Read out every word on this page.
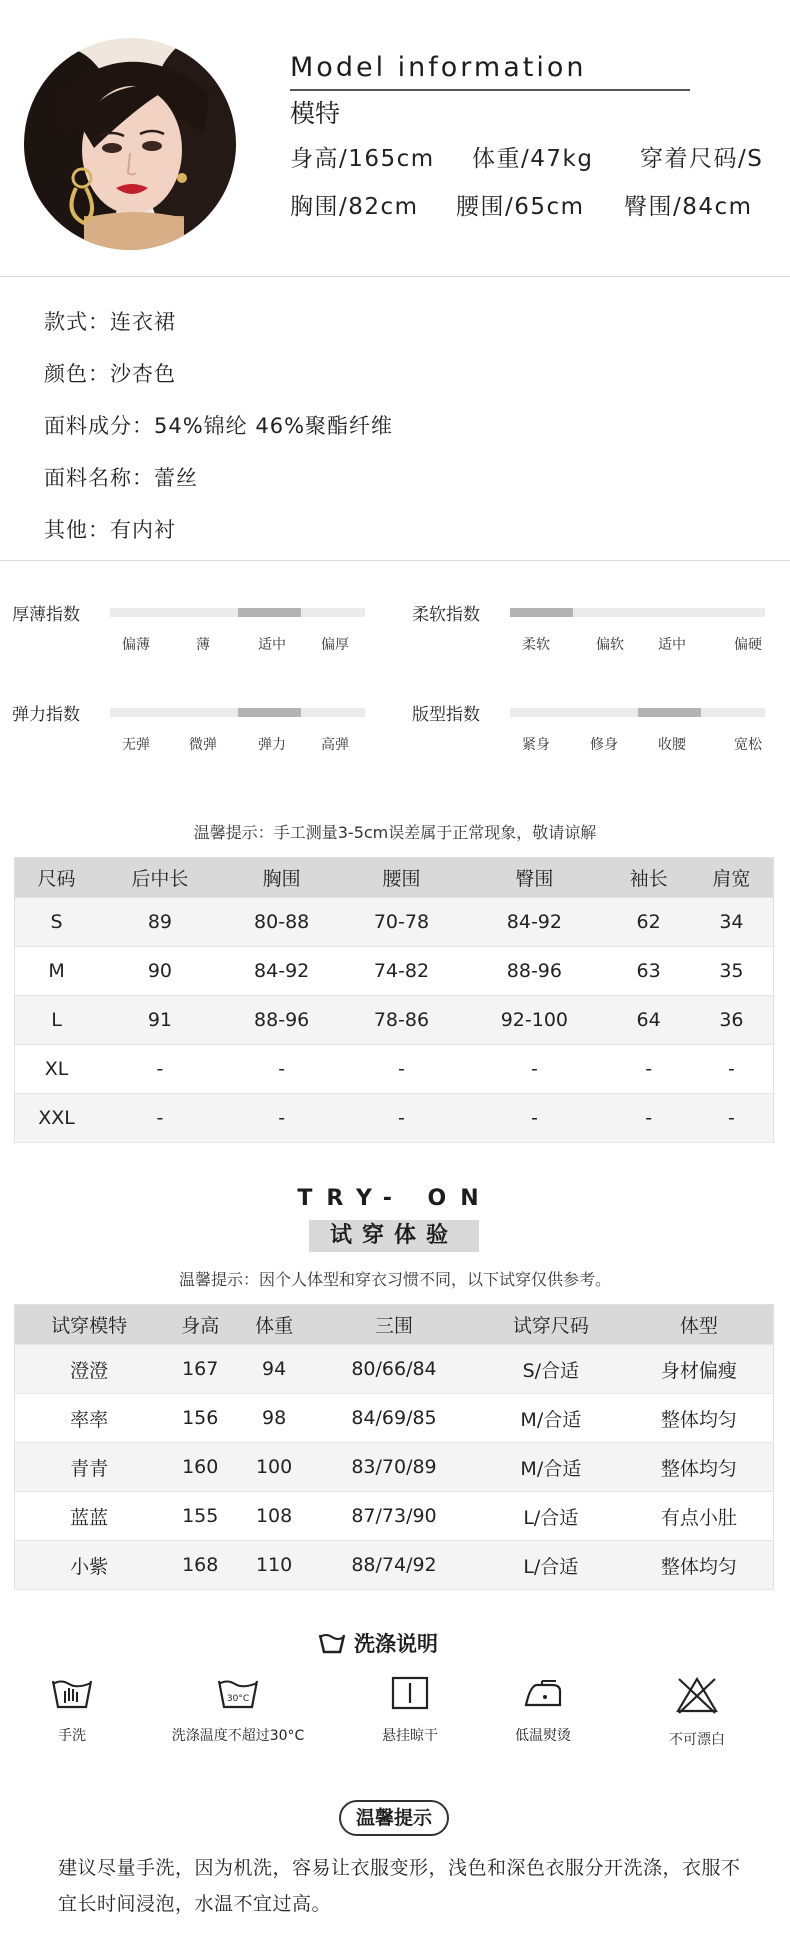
Model information
模特
身高/165cm 体重/47kg 穿着尺码/S
胸围/82cm 腰围/65cm 臀围/84cm
款式：连衣裙
颜色：沙杏色
面料成分：54%锦纶 46%聚酯纤维
面料名称：蕾丝
其他：有内衬
厚薄指数
偏薄	薄	适中	偏厚
柔软指数
柔软	偏软	适中	偏硬
弹力指数
无弹	微弹	弹力	高弹
版型指数
紧身	修身	收腰	宽松
温馨提示：手工测量3-5cm误差属于正常现象，敬请谅解
尺码	后中长	胸围	腰围	臀围	袖长	肩宽
S	89	80-88	70-78	84-92	62	34
M	90	84-92	74-82	88-96	63	35
L	91	88-96	78-86	92-100	64	36
XL	-	-	-	-	-	-
XXL	-	-	-	-	-	-
TRY- ON
试穿体验
温馨提示：因个人体型和穿衣习惯不同，以下试穿仅供参考。
试穿模特	身高	体重	三围	试穿尺码	体型
澄澄	167	94	80/66/84	S/合适	身材偏瘦
率率	156	98	84/69/85	M/合适	整体均匀
青青	160	100	83/70/89	M/合适	整体均匀
蓝蓝	155	108	87/73/90	L/合适	有点小肚
小紫	168	110	88/74/92	L/合适	整体均匀
洗涤说明
手洗
30°C
洗涤温度不超过30°C	悬挂晾干	低温熨烫	不可漂白
温馨提示
建议尽量手洗，因为机洗，容易让衣服变形，浅色和深色衣服分开洗涤，衣服不宜长时间浸泡，水温不宜过高。
